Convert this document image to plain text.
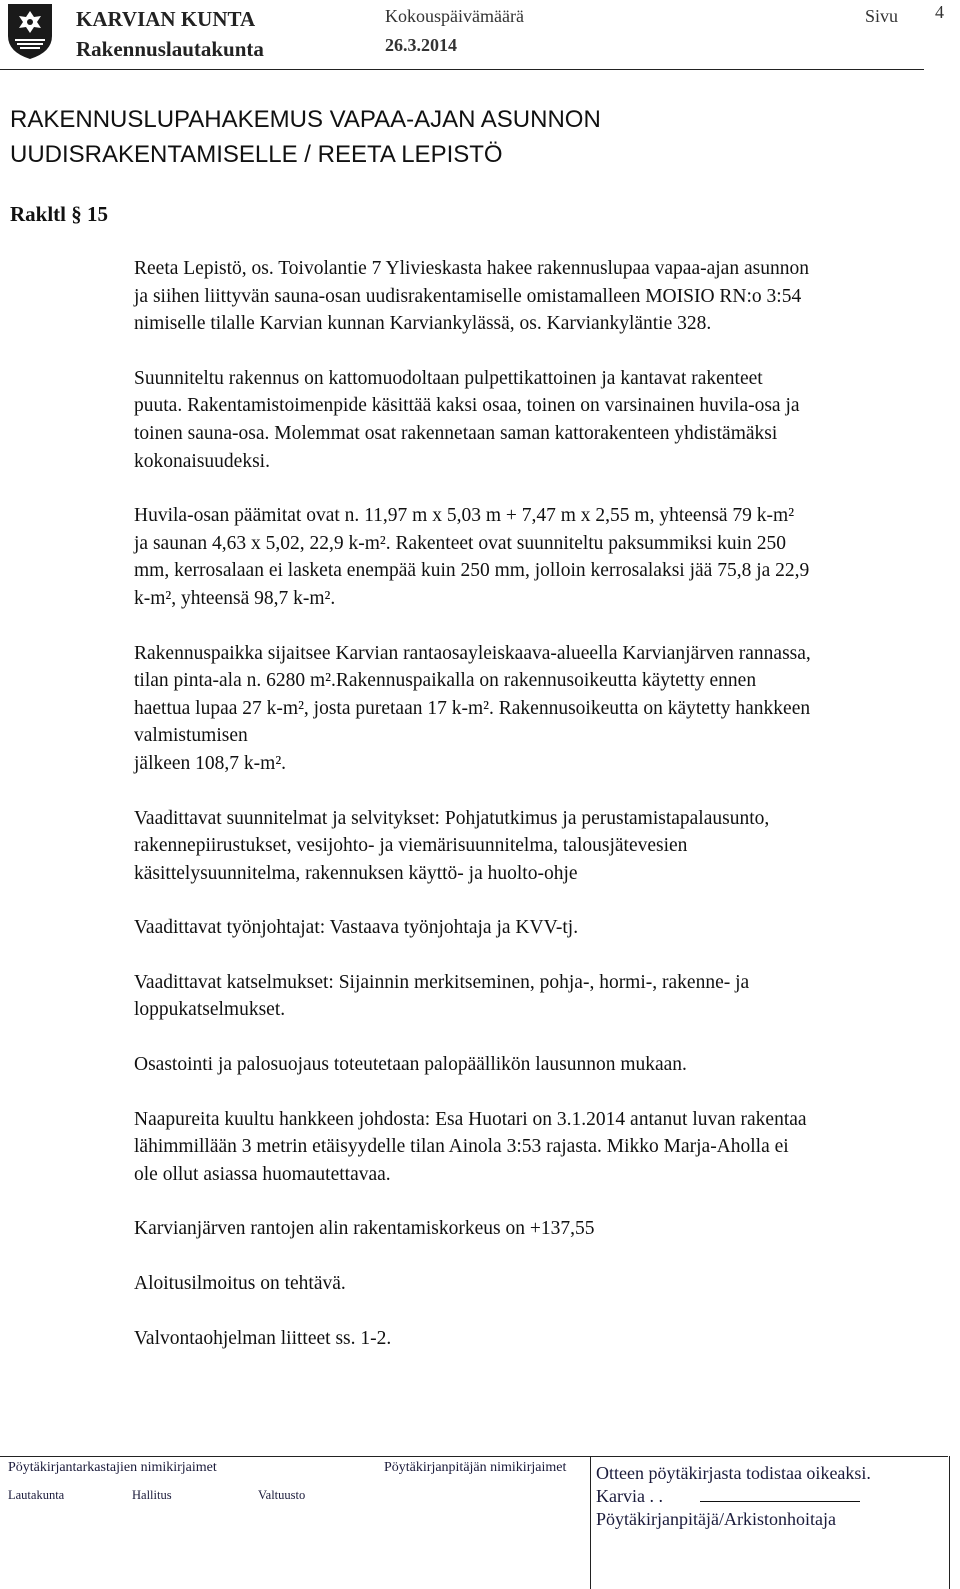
KARVIAN KUNTA
Rakennuslautakunta
Kokouspäivämäärä
26.3.2014
Sivu 4
RAKENNUSLUPAHAKEMUS VAPAA-AJAN ASUNNON
UUDISRAKENTAMISELLE / REETA LEPISTÖ
Rakltl § 15

Reeta Lepistö, os. Toivolantie 7 Ylivieskasta hakee rakennuslupaa vapaa-ajan asunnon
ja siihen liittyvän sauna-osan uudisrakentamiselle omistamalleen MOISIO RN:o 3:54
nimiselle tilalle Karvian kunnan Karviankylässä, os. Karviankyläntie 328.

Suunniteltu rakennus on kattomuodoltaan pulpettikattoinen ja kantavat rakenteet
puuta. Rakentamistoimenpide käsittää kaksi osaa, toinen on varsinainen huvila-osa ja
toinen sauna-osa. Molemmat osat rakennetaan saman kattorakenteen yhdistämäksi
kokonaisuudeksi.

Huvila-osan päämitat ovat n. 11,97 m x 5,03 m + 7,47 m x 2,55 m, yhteensä 79 k-m²
ja saunan 4,63 x 5,02, 22,9 k-m². Rakenteet ovat suunniteltu paksummiksi kuin 250
mm, kerrosalaan ei lasketa enempää kuin 250 mm, jolloin kerrosalaksi jää 75,8 ja 22,9
k-m², yhteensä 98,7 k-m².

Rakennuspaikka sijaitsee Karvian rantaosayleiskaava-alueella Karvianjärven rannassa,
tilan pinta-ala n. 6280 m².Rakennuspaikalla on rakennusoikeutta käytetty ennen
haettua lupaa 27 k-m², josta puretaan 17 k-m². Rakennusoikeutta on käytetty hankkeen
valmistumisen
jälkeen 108,7 k-m².

Vaadittavat suunnitelmat ja selvitykset: Pohjatutkimus ja perustamistapalausunto,
rakennepiirustukset, vesijohto- ja viemärisuunnitelma, talousjätevesien
käsittelysuunnitelma, rakennuksen käyttö- ja huolto-ohje

Vaadittavat työnjohtajat: Vastaava työnjohtaja ja KVV-tj.

Vaadittavat katselmukset: Sijainnin merkitseminen, pohja-, hormi-, rakenne- ja
loppukatselmukset.

Osastointi ja palosuojaus toteutetaan palopäällikön lausunnon mukaan.

Naapureita kuultu hankkeen johdosta: Esa Huotari on 3.1.2014 antanut luvan rakentaa
lähimmillään 3 metrin etäisyydelle tilan Ainola 3:53 rajasta. Mikko Marja-Aholla ei
ole ollut asiassa huomautettavaa.

Karvianjärven rantojen alin rakentamiskorkeus on +137,55

Aloitusilmoitus on tehtävä.

Valvontaohjelman liitteet ss. 1-2.

Pöytäkirjantarkastajien nimikirjaimet	Pöytäkirjanpitäjän nimikirjaimet
Lautakunta	Hallitus	Valtuusto
Otteen pöytäkirjasta todistaa oikeaksi.
Karvia . .
Pöytäkirjanpitäjä/Arkistonhoitaja
